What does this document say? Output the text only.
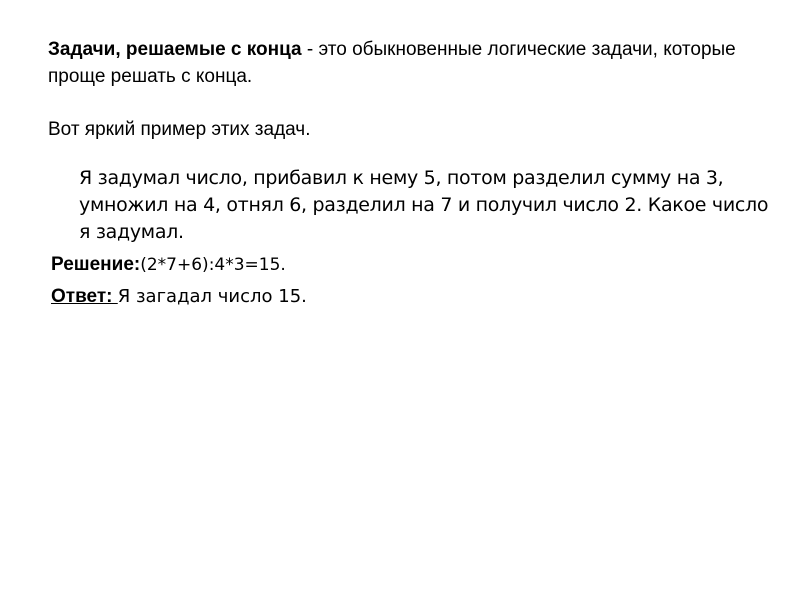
Задачи, решаемые с конца - это обыкновенные логические задачи, которые проще решать с конца.

Вот яркий пример этих задач.

Я задумал число, прибавил к нему 5, потом разделил сумму на 3, умножил на 4, отнял 6, разделил на 7 и получил число 2. Какое число я задумал.

Решение:(2*7+6):4*3=15.

Ответ: Я загадал число 15.
